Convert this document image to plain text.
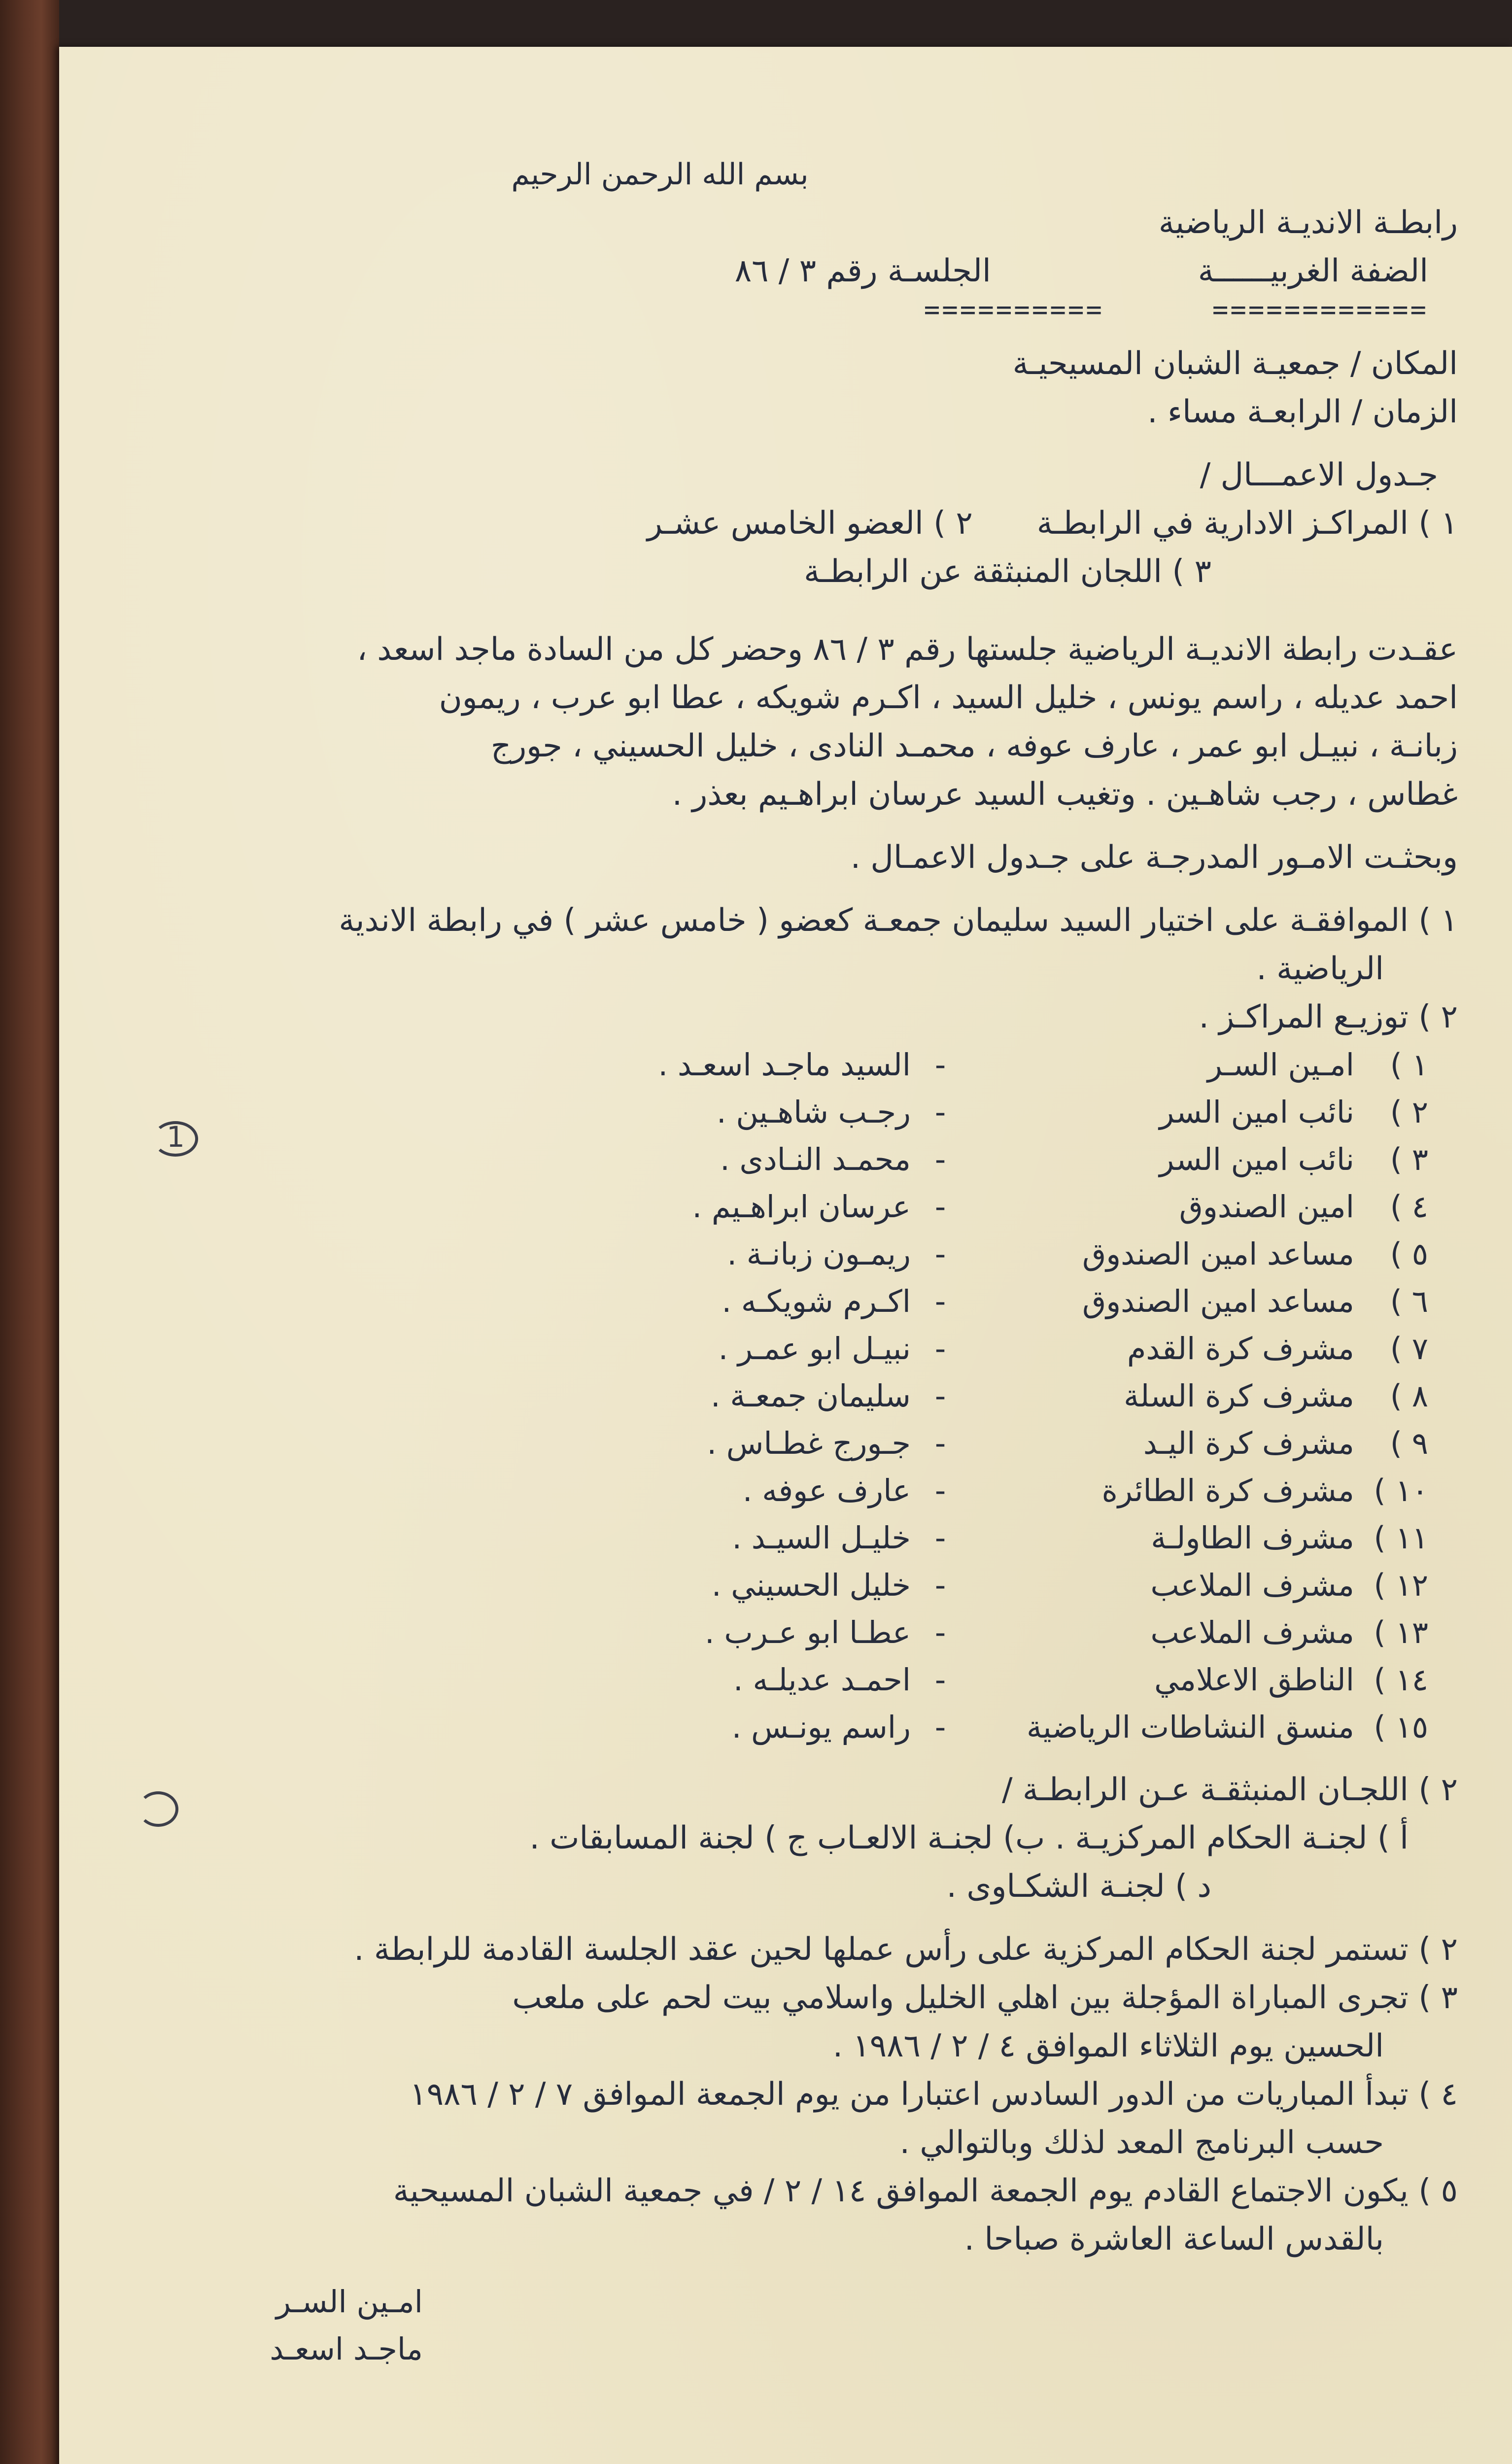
بسم الله الرحمن الرحيم
رابطـة الانديـة الرياضية
الضفة الغربيــــــة
الجلسـة رقم ٣ / ٨٦
============
==========
المكان / جمعيـة الشبان المسيحيـة
الزمان / الرابعـة مساء .
جـدول الاعمـــال /
١ ) المراكـز الادارية في الرابطـة
٢ ) العضو الخامس عشـر
٣ ) اللجان المنبثقة عن الرابطـة
عقـدت رابطة الانديـة الرياضية جلستها رقم ٣ / ٨٦ وحضر كل من السادة ماجد اسعد ،
احمد عديله ، راسم يونس ، خليل السيد ، اكـرم شويكه ، عطا ابو عرب ، ريمون
زبانـة ، نبيـل ابو عمر ، عارف عوفه ، محمـد النادى ، خليل الحسيني ، جورج
غطاس ، رجب شاهـين . وتغيب السيد عرسان ابراهـيم بعذر .
وبحثـت الامـور المدرجـة على جـدول الاعمـال .
١ ) الموافقـة على اختيار السيد سليمان جمعـة كعضو ( خامس عشر ) في رابطة الاندية
الرياضية .
٢ ) توزيـع المراكـز .
١ )
امـين السـر
-
السيد ماجـد اسعـد .
٢ )
نائب امين السر
-
رجـب شاهـين .
٣ )
نائب امين السر
-
محمـد النـادى .
٤ )
امين الصندوق
-
عرسان ابراهـيم .
٥ )
مساعد امين الصندوق
-
ريمـون زبانـة .
٦ )
مساعد امين الصندوق
-
اكـرم شويكـه .
٧ )
مشرف كرة القدم
-
نبيـل ابو عمـر .
٨ )
مشرف كرة السلة
-
سليمان جمعـة .
٩ )
مشرف كرة اليـد
-
جـورج غطـاس .
١٠ )
مشرف كرة الطائرة
-
عارف عوفه .
١١ )
مشرف الطاولـة
-
خليـل السيـد .
١٢ )
مشرف الملاعب
-
خليل الحسيني .
١٣ )
مشرف الملاعب
-
عطـا ابو عـرب .
١٤ )
الناطق الاعلامي
-
احمـد عديلـه .
١٥ )
منسق النشاطات الرياضية
-
راسم يونـس .
٢ ) اللجـان المنبثقـة عـن الرابطـة /
أ ) لجنـة الحكام المركزيـة . ب) لجنـة الالعـاب ج ) لجنة المسابقات .
د ) لجنـة الشكـاوى .
٢ ) تستمر لجنة الحكام المركزية على رأس عملها لحين عقد الجلسة القادمة للرابطة .
٣ ) تجرى المباراة المؤجلة بين اهلي الخليل واسلامي بيت لحم على ملعب
الحسين يوم الثلاثاء الموافق ٤ / ٢ / ١٩٨٦ .
٤ ) تبدأ المباريات من الدور السادس اعتبارا من يوم الجمعة الموافق ٧ / ٢ / ١٩٨٦
حسب البرنامج المعد لذلك وبالتوالي .
٥ ) يكون الاجتماع القادم يوم الجمعة الموافق ١٤ / ٢ / في جمعية الشبان المسيحية
بالقدس الساعة العاشرة صباحا .
امـين السـر
ماجـد اسعـد
1
